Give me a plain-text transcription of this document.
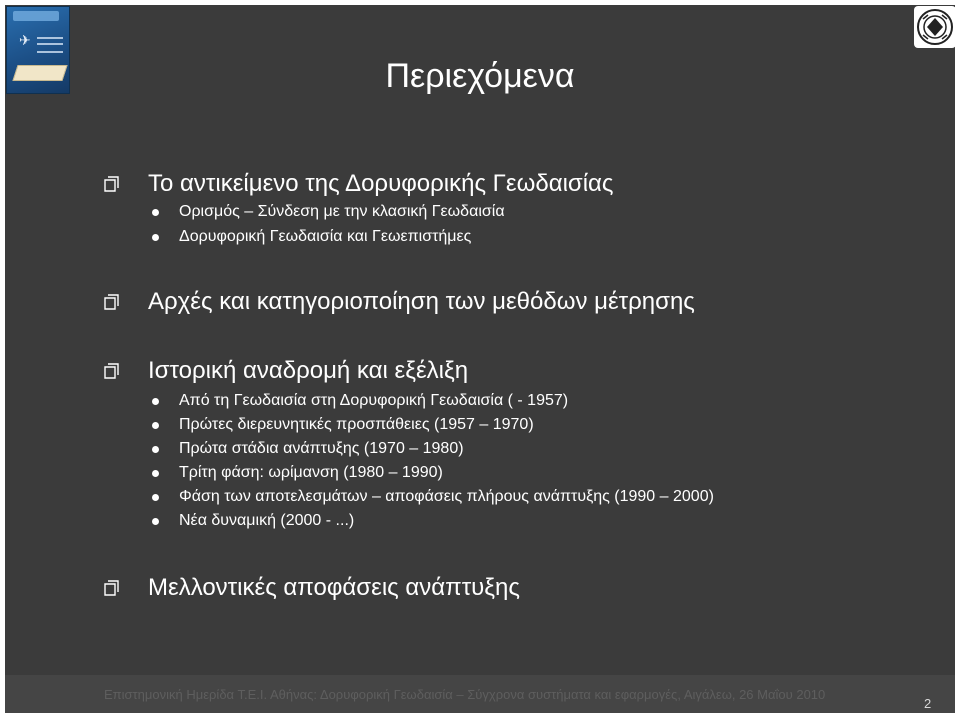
✈
Περιεχόμενα
Το αντικείμενο της Δορυφορικής Γεωδαισίας
Ορισμός – Σύνδεση με την κλασική Γεωδαισία
Δορυφορική Γεωδαισία και Γεωεπιστήμες
Αρχές και κατηγοριοποίηση των μεθόδων μέτρησης
Ιστορική αναδρομή και εξέλιξη
Από τη Γεωδαισία στη Δορυφορική Γεωδαισία ( - 1957)
Πρώτες διερευνητικές προσπάθειες (1957 – 1970)
Πρώτα στάδια ανάπτυξης (1970 – 1980)
Τρίτη φάση: ωρίμανση (1980 – 1990)
Φάση των αποτελεσμάτων – αποφάσεις πλήρους ανάπτυξης (1990 – 2000)
Νέα δυναμική (2000 - ...)
Μελλοντικές αποφάσεις ανάπτυξης
Επιστημονική Ημερίδα Τ.Ε.Ι. Αθήνας: Δορυφορική Γεωδαισία – Σύγχρονα συστήματα και εφαρμογές, Αιγάλεω, 26 Μαΐου 2010
2
